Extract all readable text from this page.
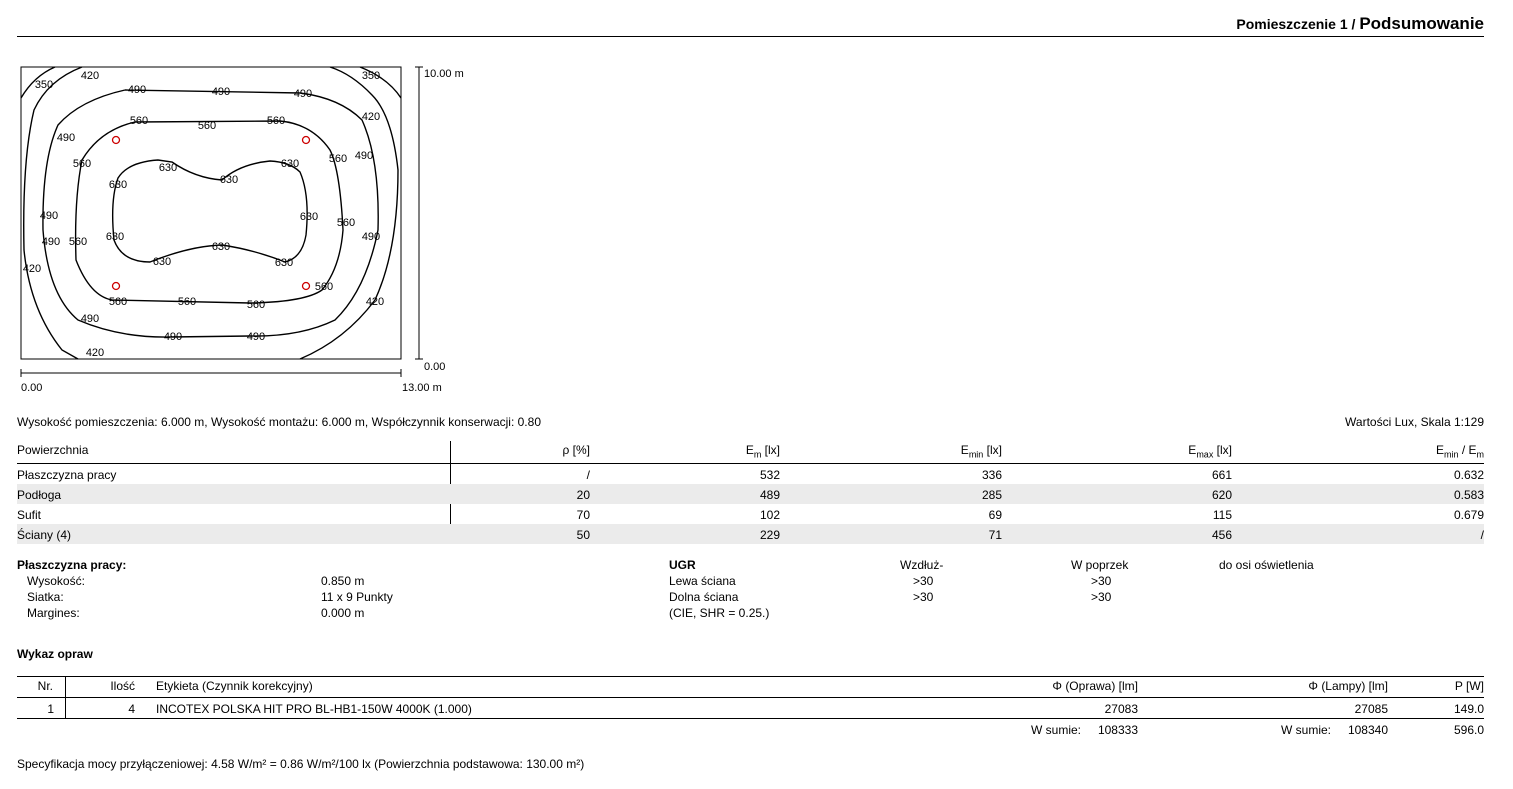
Pomieszczenie 1 / Podsumowanie
10.00 m
0.00
0.00	13.00 m
350
420	350
490	490	490
420
560	560	560
490
560 490
560	630	630
630	630
490	630 560
630	490
490 560	630
630	630
420
560
560	560	560	420
490
490	490
420
Wysokość pomieszczenia: 6.000 m, Wysokość montażu: 6.000 m, Współczynnik konserwacji: 0.80	Wartości Lux, Skala 1:129
Powierzchnia	ρ [%]	$E_m$ [lx]	$E_{min}$ [lx]	$E_{max}$ [lx]	$E_{min} / E_m$
Płaszczyzna pracy	/	532	336	661	0.632
Podłoga	20	489	285	620	0.583
Sufit	70	102	69	115	0.679
Ściany (4)	50	229	71	456	/
Płaszczyzna pracy:
Wysokość:	0.850 m
Siatka:	11 x 9 Punkty
Margines:	0.000 m
UGR	Wzdłuż-	W poprzek	do osi oświetlenia
Lewa ściana	>30	>30
Dolna ściana	>30	>30
(CIE, SHR = 0.25.)
Wykaz opraw
Nr.	Ilość Etykieta (Czynnik korekcyjny)	Φ (Oprawa) [lm]	Φ (Lampy) [lm]	P [W]
1	4 INCOTEX POLSKA HIT PRO BL-HB1-150W 4000K (1.000)	27083	27085	149.0
W sumie: 108333	W sumie: 108340	596.0
Specyfikacja mocy przyłączeniowej: 4.58 W/m² = 0.86 W/m²/100 lx (Powierzchnia podstawowa: 130.00 m²)
